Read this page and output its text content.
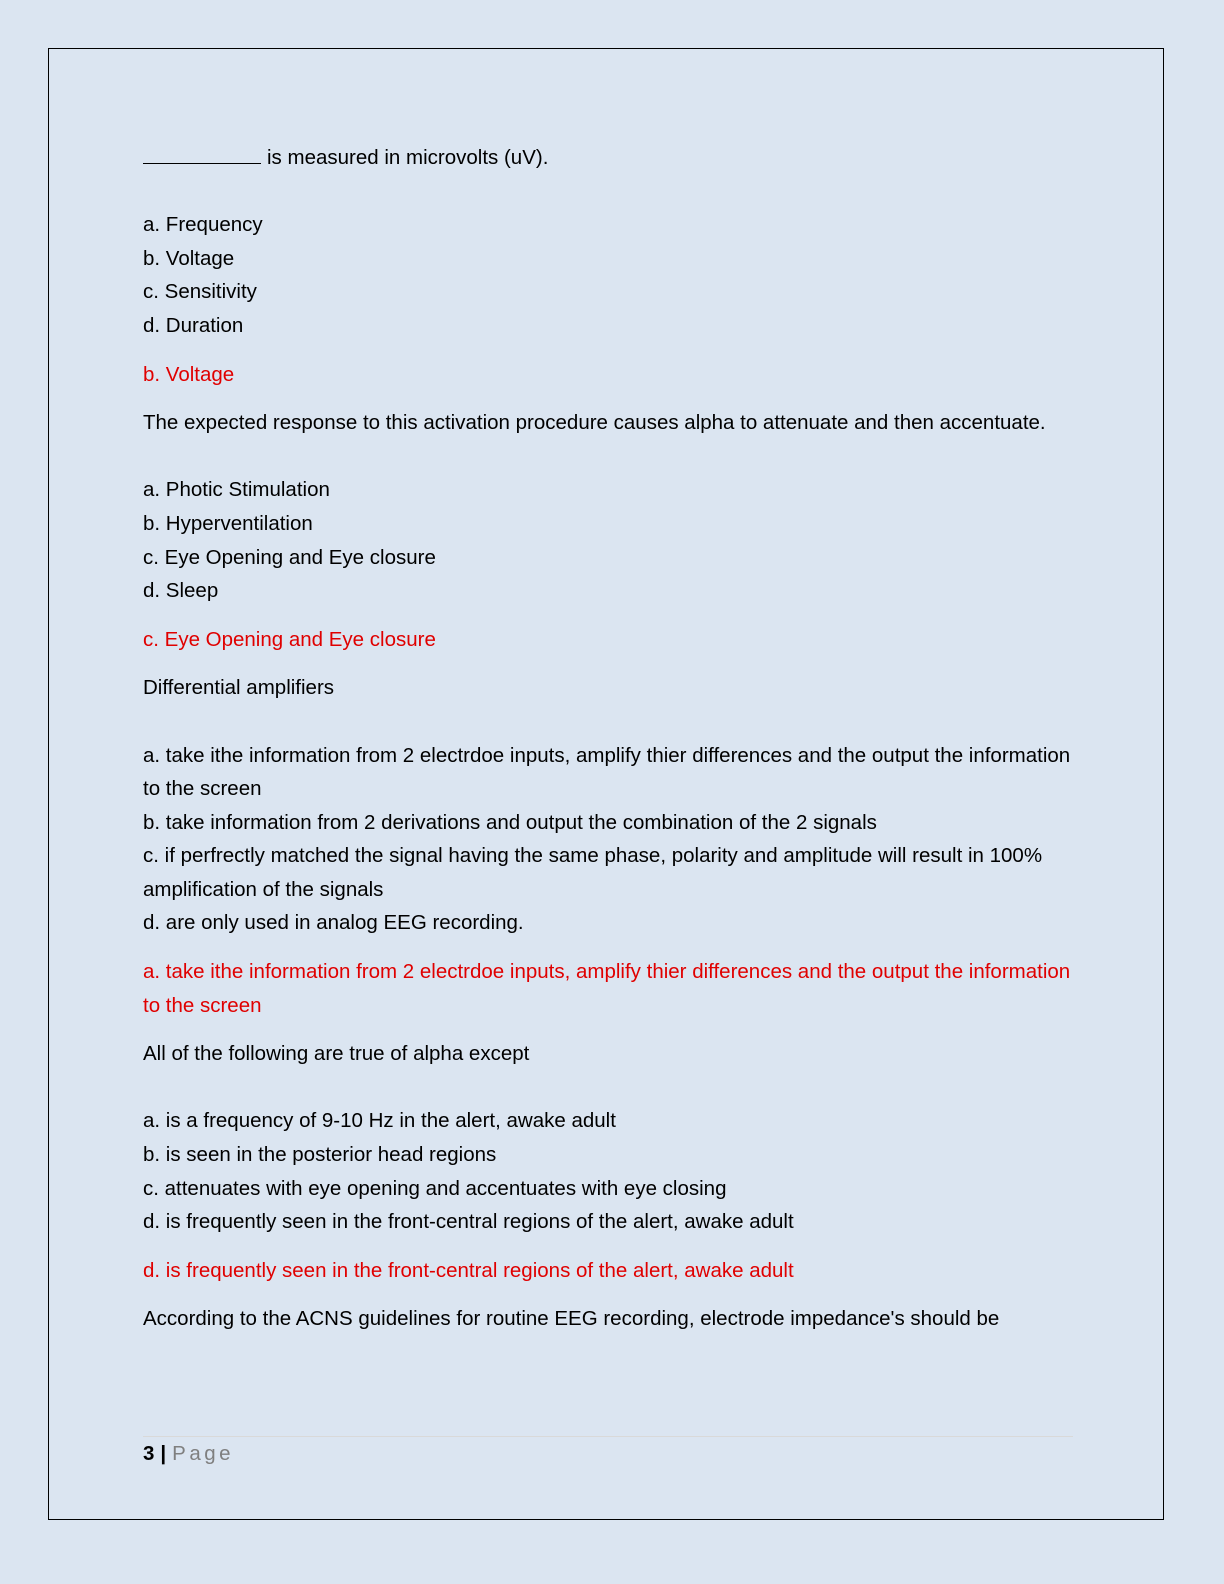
is measured in microvolts (uV).

a. Frequency
b. Voltage
c. Sensitivity
d. Duration

b. Voltage

The expected response to this activation procedure causes alpha to attenuate and then accentuate.

a. Photic Stimulation
b. Hyperventilation
c. Eye Opening and Eye closure
d. Sleep

c. Eye Opening and Eye closure

Differential amplifiers

a. take ithe information from 2 electrdoe inputs, amplify thier differences and the output the information to the screen
b. take information from 2 derivations and output the combination of the 2 signals
c. if perfrectly matched the signal having the same phase, polarity and amplitude will result in 100% amplification of the signals
d. are only used in analog EEG recording.

a. take ithe information from 2 electrdoe inputs, amplify thier differences and the output the information to the screen

All of the following are true of alpha except

a. is a frequency of 9-10 Hz in the alert, awake adult
b. is seen in the posterior head regions
c. attenuates with eye opening and accentuates with eye closing
d. is frequently seen in the front-central regions of the alert, awake adult

d. is frequently seen in the front-central regions of the alert, awake adult

According to the ACNS guidelines for routine EEG recording, electrode impedance's should be

3 | Page
